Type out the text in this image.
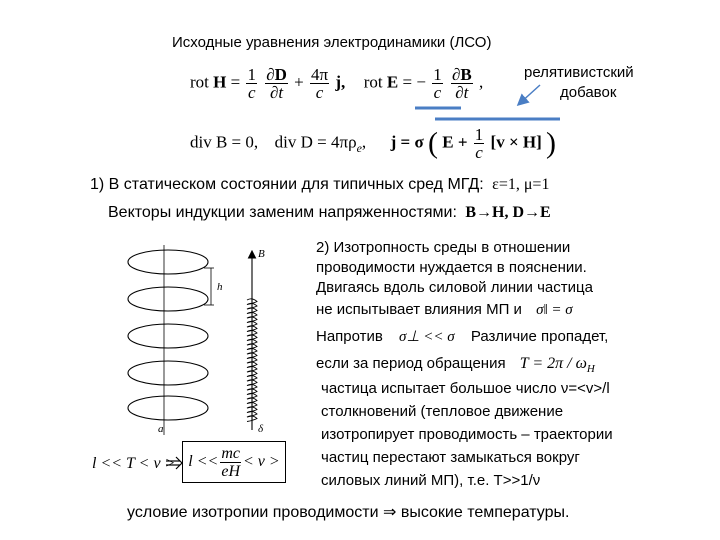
Исходные уравнения электродинамики (ЛСО)
релятивистский
добавок
rot $H = \frac{1}{c}$
$\frac{\partial D}{\partial t} + \frac{4\pi}{c} j$, rot E = − $\frac{1}{c}$
$\frac{\partial B}{\partial t}$ ,
div B = 0, div $D = 4\pi\rho_e$, j = σ ( $E + \frac{1}{c} [v \times H]$ )
1) В статическом состоянии для типичных сред МГД: ε=1, μ=1
Векторы индукции заменим напряженностями: B→H, D→E
2) Изотропность среды в отношении
проводимости нуждается в пояснении.
Двигаясь вдоль силовой линии частица
не испытывает влияния МП и σ‖ = σ
Напротив σ⊥ << σ Различие пропадет,
если за период обращения $T = 2\pi / \omega_H$
частица испытает большое число ν=<v>/l
столкновений (тепловое движение
изотропирует проводимость – траектории
частиц перестают замыкаться вокруг
силовых линий МП), т.е. T>>1/ν
$l << T < v > l << \frac{mc}{eH} < v$ >
условие изотропии проводимости ⇒ высокие температуры.
B
h
a	δ
